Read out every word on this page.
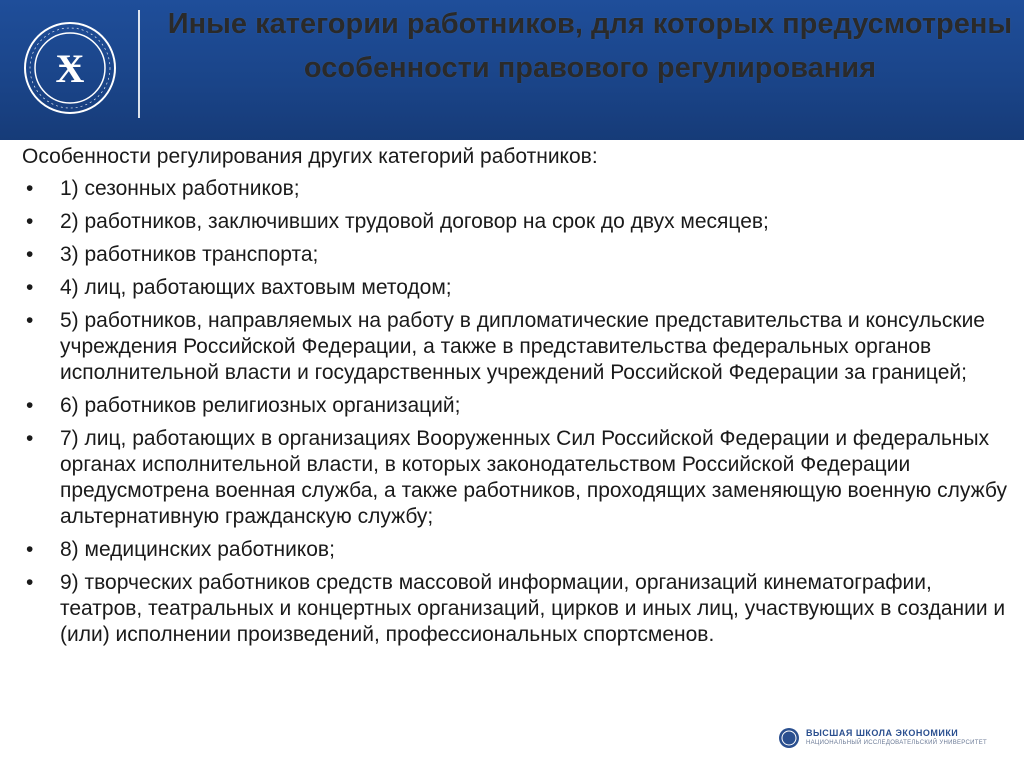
Ӿ
Иные категории работников, для которых предусмотрены особенности правового регулирования

Особенности регулирования других категорий работников:

• 1) сезонных работников;
• 2) работников, заключивших трудовой договор на срок до двух месяцев;
• 3) работников транспорта;
• 4) лиц, работающих вахтовым методом;
• 5) работников, направляемых на работу в дипломатические представительства и консульские учреждения Российской Федерации, а также в представительства федеральных органов исполнительной власти и государственных учреждений Российской Федерации за границей;
• 6) работников религиозных организаций;
• 7) лиц, работающих в организациях Вооруженных Сил Российской Федерации и федеральных органах исполнительной власти, в которых законодательством Российской Федерации предусмотрена военная служба, а также работников, проходящих заменяющую военную службу альтернативную гражданскую службу;
• 8) медицинских работников;
• 9) творческих работников средств массовой информации, организаций кинематографии, театров, театральных и концертных организаций, цирков и иных лиц, участвующих в создании и (или) исполнении произведений, профессиональных спортсменов.
ВЫСШАЯ ШКОЛА ЭКОНОМИКИ
НАЦИОНАЛЬНЫЙ ИССЛЕДОВАТЕЛЬСКИЙ УНИВЕРСИТЕТ
